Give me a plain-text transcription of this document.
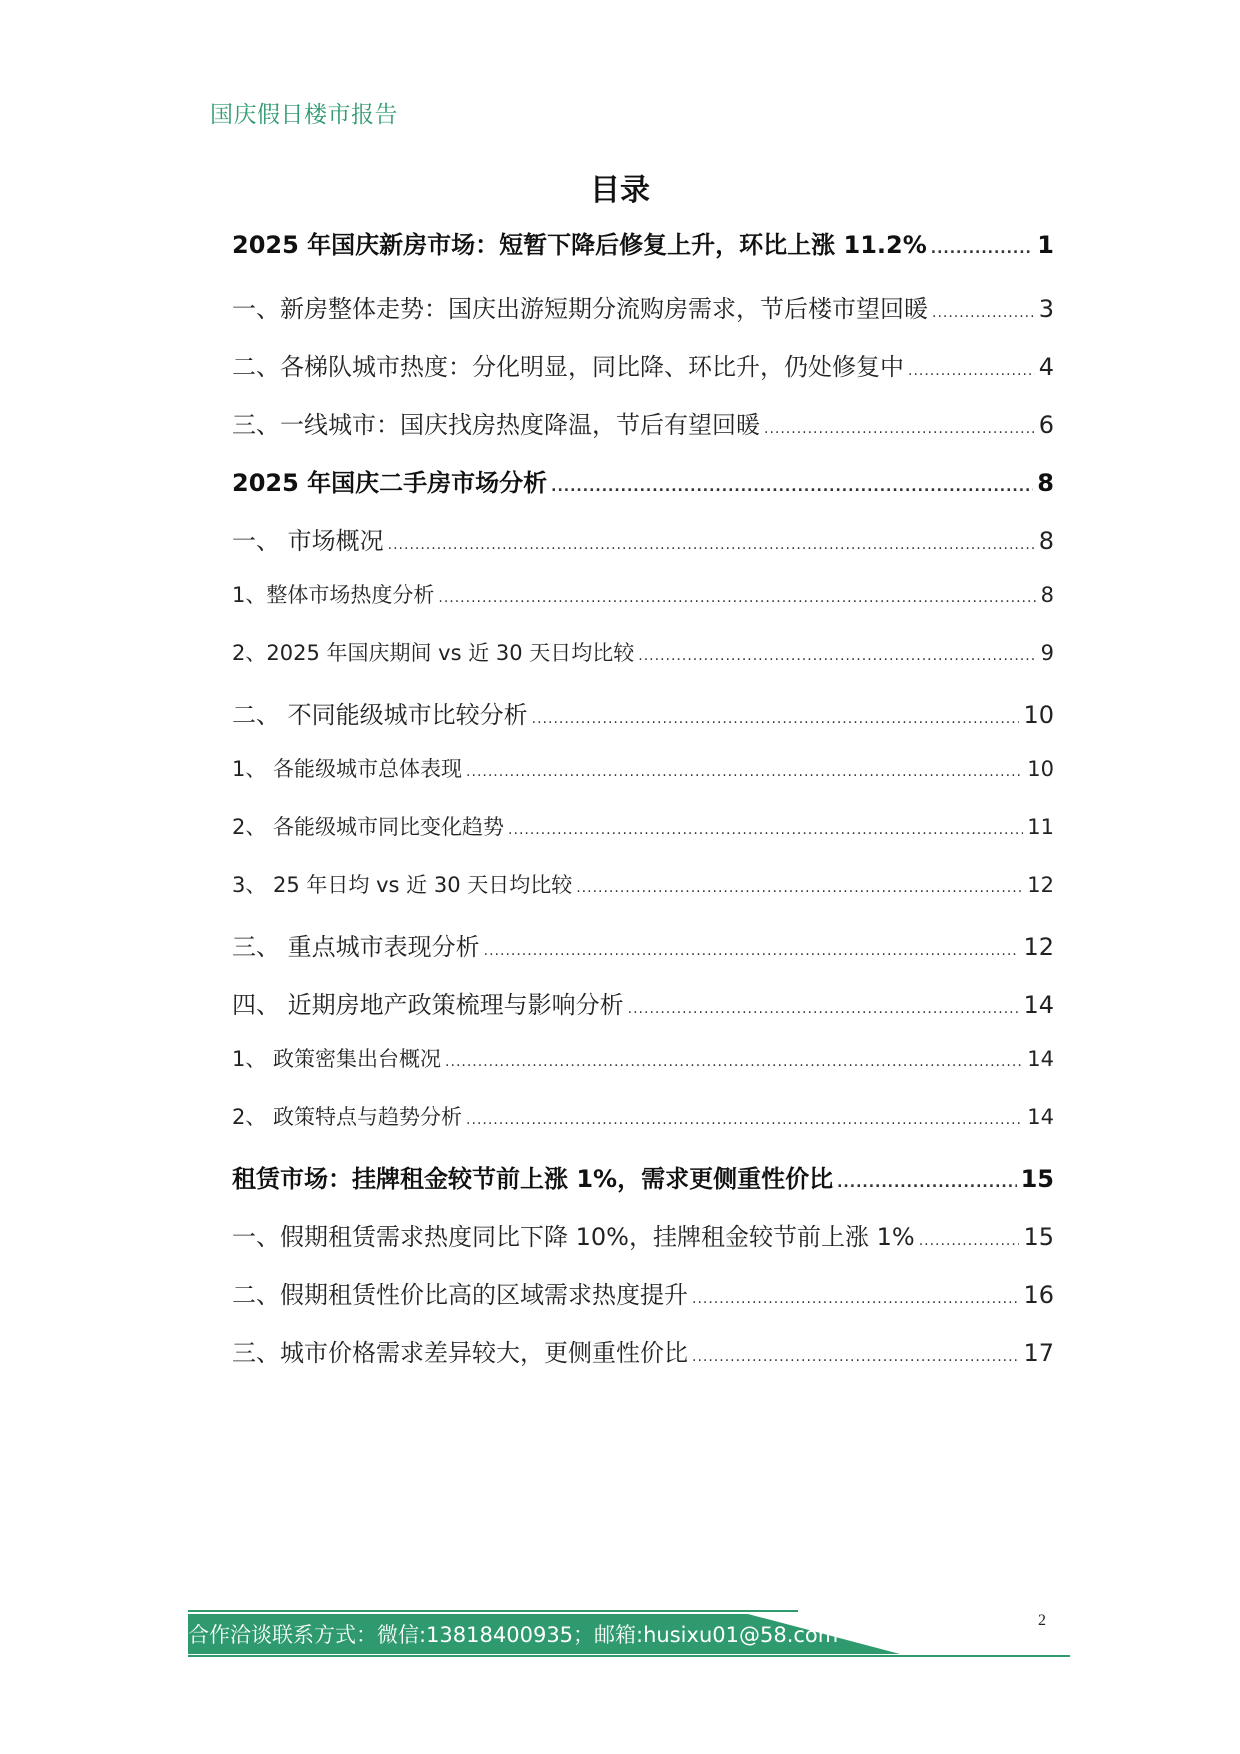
国庆假日楼市报告
目录
2025 年国庆新房市场：短暂下降后修复上升，环比上涨 11.2% .....	1
一、新房整体走势：国庆出游短期分流购房需求，节后楼市望回暖 .....	3
二、各梯队城市热度：分化明显，同比降、环比升，仍处修复中 .....	4
三、一线城市：国庆找房热度降温，节后有望回暖 .....	6
2025 年国庆二手房市场分析 .....	8
一、 市场概况 .....	8
1、整体市场热度分析 .....	8
2、2025 年国庆期间 vs 近 30 天日均比较 .....	9
二、 不同能级城市比较分析 .....	10
1、 各能级城市总体表现 .....	10
2、 各能级城市同比变化趋势 .....	11
3、 25 年日均 vs 近 30 天日均比较 .....	12
三、 重点城市表现分析 .....	12
四、 近期房地产政策梳理与影响分析 .....	14
1、 政策密集出台概况 .....	14
2、 政策特点与趋势分析 .....	14
租赁市场：挂牌租金较节前上涨 1%，需求更侧重性价比 .....	15
一、假期租赁需求热度同比下降 10%，挂牌租金较节前上涨 1% .....	15
二、假期租赁性价比高的区域需求热度提升 .....	16
三、城市价格需求差异较大，更侧重性价比 .....	17
合作洽谈联系方式：微信:13818400935；邮箱:husixu01@58.com
2
